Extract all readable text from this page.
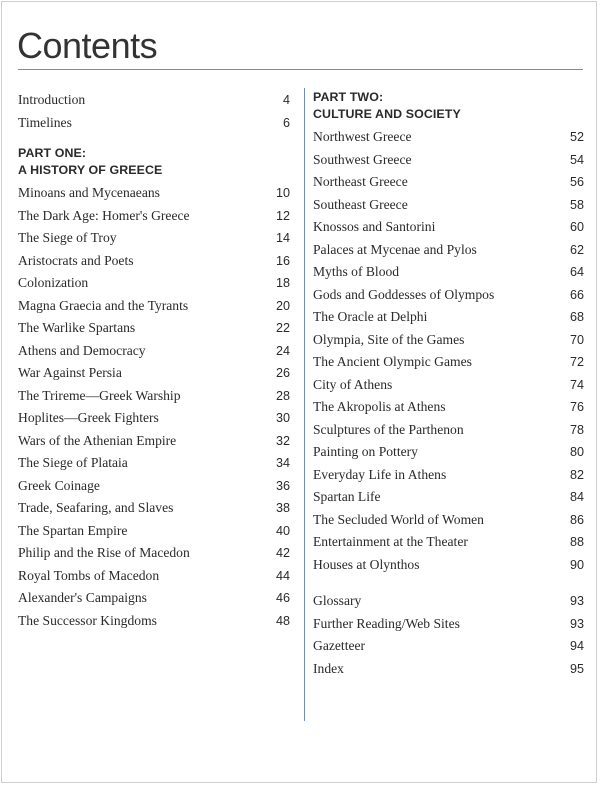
Contents
Introduction	4
Timelines	6
PART ONE:
A HISTORY OF GREECE
Minoans and Mycenaeans	10
The Dark Age: Homer's Greece	12
The Siege of Troy	14
Aristocrats and Poets	16
Colonization	18
Magna Graecia and the Tyrants	20
The Warlike Spartans	22
Athens and Democracy	24
War Against Persia	26
The Trireme—Greek Warship	28
Hoplites—Greek Fighters	30
Wars of the Athenian Empire	32
The Siege of Plataia	34
Greek Coinage	36
Trade, Seafaring, and Slaves	38
The Spartan Empire	40
Philip and the Rise of Macedon	42
Royal Tombs of Macedon	44
Alexander's Campaigns	46
The Successor Kingdoms	48
PART TWO:
CULTURE AND SOCIETY
Northwest Greece	52
Southwest Greece	54
Northeast Greece	56
Southeast Greece	58
Knossos and Santorini	60
Palaces at Mycenae and Pylos	62
Myths of Blood	64
Gods and Goddesses of Olympos	66
The Oracle at Delphi	68
Olympia, Site of the Games	70
The Ancient Olympic Games	72
City of Athens	74
The Akropolis at Athens	76
Sculptures of the Parthenon	78
Painting on Pottery	80
Everyday Life in Athens	82
Spartan Life	84
The Secluded World of Women	86
Entertainment at the Theater	88
Houses at Olynthos	90
Glossary	93
Further Reading/Web Sites	93
Gazetteer	94
Index	95
